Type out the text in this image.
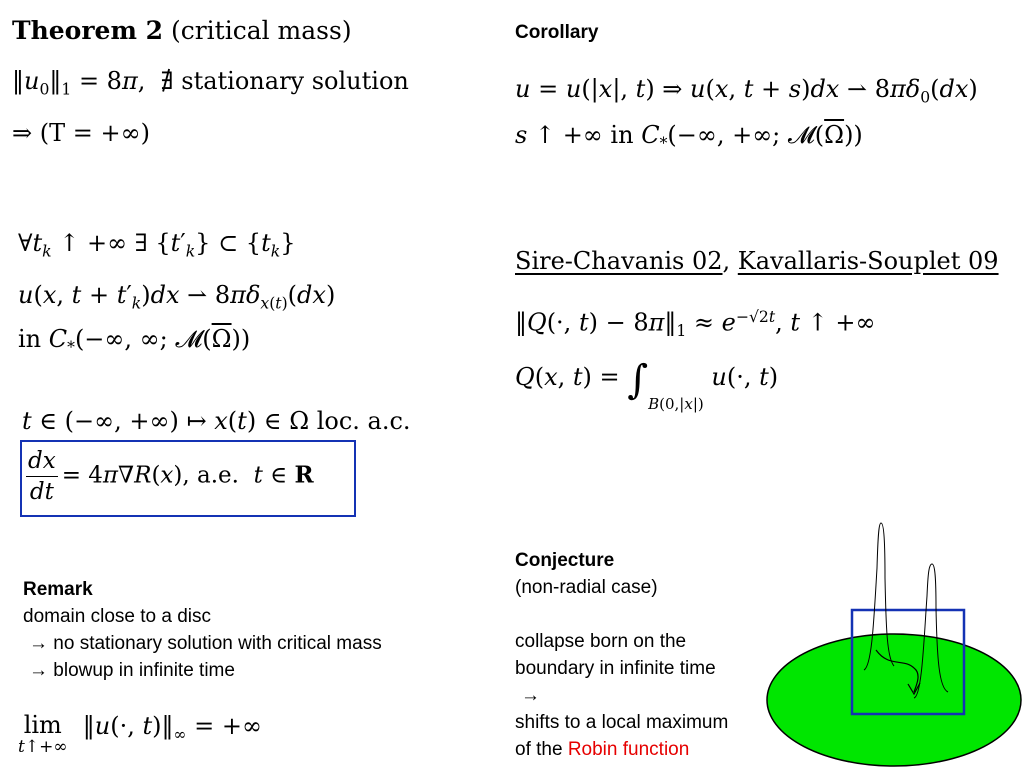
Theorem 2 (critical mass)
$‖u_0‖_1 = 8\pi$,  ∄ stationary solution
⇒ (T = +∞)
$\forall t_k$ ↑ +∞ ∃ $\{t'_k\}$ ⊂ $\{t_k\}$
u(x, $t + t'_k)dx$ ⇀ $8\pi\delta_{x(t)}(dx)$
in $C_*(-\infty$, ∞; $𝓜(\overline{\Omega})$)
t ∈ (−∞, +∞) ↦ x(t) ∈ Ω loc. a.c.
$\frac{dx}{dt} = 4\pi\nabla R(x)$, a.e.  t ∈ R
Remark
domain close to a disc
→ no stationary solution with critical mass
→ blowup in infinite time
lim
t↑+∞
‖u(·, $t)‖_\infty$ = +∞
Corollary
u = u(|x|, t) ⇒ u(x, t + s)dx ⇀ $8\pi\delta_0(dx)$
s ↑ +∞ in $C_*(-\infty$, +∞; $𝓜(\overline{\Omega})$)
Sire-Chavanis 02, Kavallaris-Souplet 09
‖Q(·, $t) - 8\pi‖_1 \approx e^{-√2t}$, t ↑ +∞
Q(x, $t) = \int_{B(0,|x|)}$ u(·, t)
Conjecture
(non-radial case)
collapse born on the
boundary in infinite time
→
shifts to a local maximum
of the Robin function
